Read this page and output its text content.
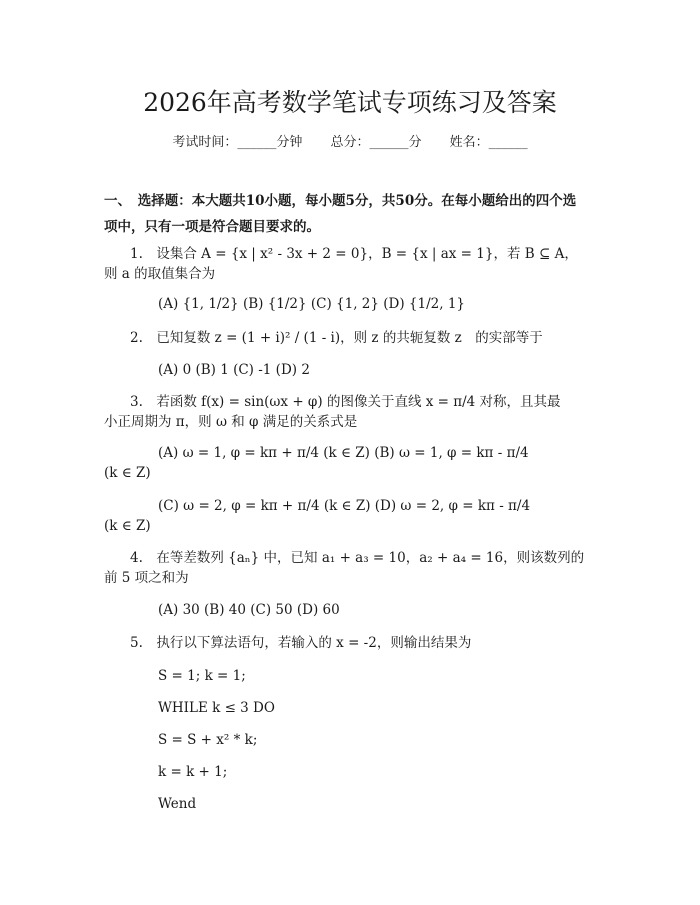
2026年高考数学笔试专项练习及答案
考试时间：______分钟 总分：______分 姓名：______
一、　选择题：本大题共10小题，每小题5分，共50分。在每小题给出的四个选
项中，只有一项是符合题目要求的。
1.　设集合 A = {x | x² - 3x + 2 = 0}，B = {x | ax = 1}，若 B ⊆ A，
则 a 的取值集合为
(A) {1, 1/2} (B) {1/2} (C) {1, 2} (D) {1/2, 1}
2.　已知复数 z = (1 + i)² / (1 - i)，则 z 的共轭复数 z　的实部等于
(A) 0 (B) 1 (C) -1 (D) 2
3.　若函数 f(x) = sin(ωx + φ) 的图像关于直线 x = π/4 对称，且其最
小正周期为 π，则 ω 和 φ 满足的关系式是
(A) ω = 1, φ = kπ + π/4 (k ∈ Z) (B) ω = 1, φ = kπ - π/4
(k ∈ Z)
(C) ω = 2, φ = kπ + π/4 (k ∈ Z) (D) ω = 2, φ = kπ - π/4
(k ∈ Z)
4.　在等差数列 {aₙ} 中，已知 a₁ + a₃ = 10，a₂ + a₄ = 16，则该数列的
前 5 项之和为
(A) 30 (B) 40 (C) 50 (D) 60
5.　执行以下算法语句，若输入的 x = -2，则输出结果为
S = 1; k = 1;
WHILE k ≤ 3 DO
S = S + x² * k;
k = k + 1;
Wend
